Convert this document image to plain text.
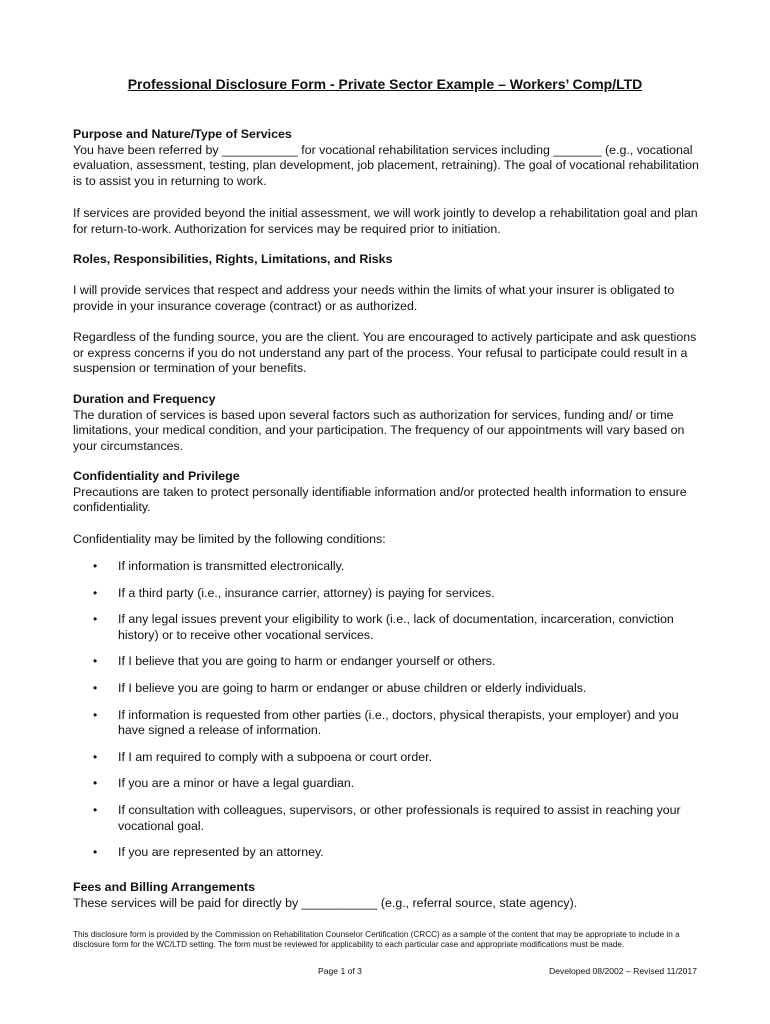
Professional Disclosure Form - Private Sector Example – Workers’ Comp/LTD
Purpose and Nature/Type of Services
You have been referred by ___________ for vocational rehabilitation services including _______ (e.g., vocational evaluation, assessment, testing, plan development, job placement, retraining). The goal of vocational rehabilitation is to assist you in returning to work.
If services are provided beyond the initial assessment, we will work jointly to develop a rehabilitation goal and plan for return-to-work. Authorization for services may be required prior to initiation.
Roles, Responsibilities, Rights, Limitations, and Risks
I will provide services that respect and address your needs within the limits of what your insurer is obligated to provide in your insurance coverage (contract) or as authorized.
Regardless of the funding source, you are the client. You are encouraged to actively participate and ask questions or express concerns if you do not understand any part of the process. Your refusal to participate could result in a suspension or termination of your benefits.
Duration and Frequency
The duration of services is based upon several factors such as authorization for services, funding and/ or time limitations, your medical condition, and your participation. The frequency of our appointments will vary based on your circumstances.
Confidentiality and Privilege
Precautions are taken to protect personally identifiable information and/or protected health information to ensure confidentiality.
Confidentiality may be limited by the following conditions:
• If information is transmitted electronically.
• If a third party (i.e., insurance carrier, attorney) is paying for services.
• If any legal issues prevent your eligibility to work (i.e., lack of documentation, incarceration, conviction history) or to receive other vocational services.
• If I believe that you are going to harm or endanger yourself or others.
• If I believe you are going to harm or endanger or abuse children or elderly individuals.
• If information is requested from other parties (i.e., doctors, physical therapists, your employer) and you have signed a release of information.
• If I am required to comply with a subpoena or court order.
• If you are a minor or have a legal guardian.
• If consultation with colleagues, supervisors, or other professionals is required to assist in reaching your vocational goal.
• If you are represented by an attorney.
Fees and Billing Arrangements
These services will be paid for directly by ___________ (e.g., referral source, state agency).
This disclosure form is provided by the Commission on Rehabilitation Counselor Certification (CRCC) as a sample of the content that may be appropriate to include in a disclosure form for the WC/LTD setting. The form must be reviewed for applicability to each particular case and appropriate modifications must be made.
Page 1 of 3	Developed 08/2002 – Revised 11/2017
